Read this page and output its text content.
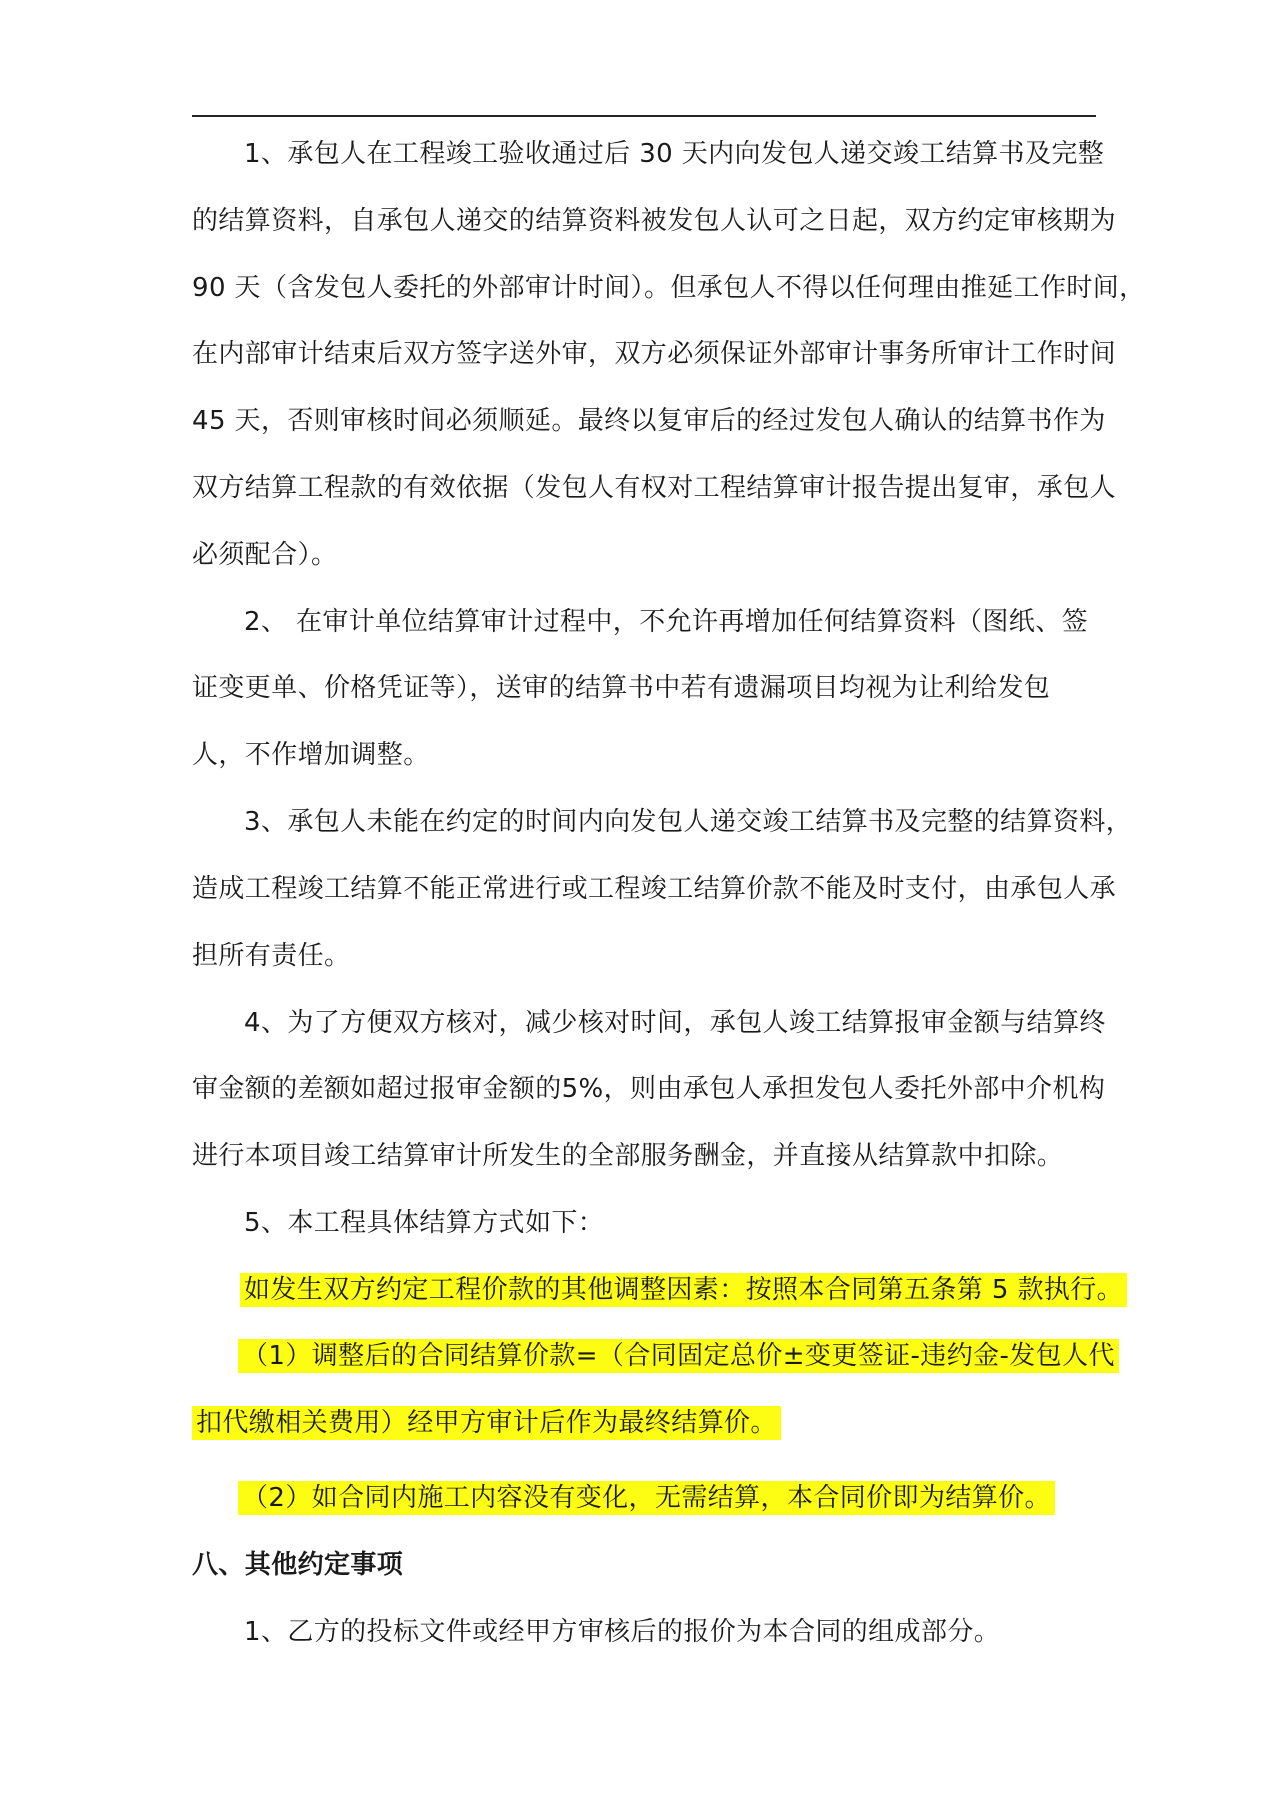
1、承包人在工程竣工验收通过后 30 天内向发包人递交竣工结算书及完整
的结算资料，自承包人递交的结算资料被发包人认可之日起，双方约定审核期为
90 天（含发包人委托的外部审计时间）。但承包人不得以任何理由推延工作时间，
在内部审计结束后双方签字送外审，双方必须保证外部审计事务所审计工作时间
45 天，否则审核时间必须顺延。最终以复审后的经过发包人确认的结算书作为
双方结算工程款的有效依据（发包人有权对工程结算审计报告提出复审，承包人
必须配合）。
2、 在审计单位结算审计过程中，不允许再增加任何结算资料（图纸、签
证变更单、价格凭证等），送审的结算书中若有遗漏项目均视为让利给发包
人，不作增加调整。
3、承包人未能在约定的时间内向发包人递交竣工结算书及完整的结算资料，
造成工程竣工结算不能正常进行或工程竣工结算价款不能及时支付，由承包人承
担所有责任。
4、为了方便双方核对，减少核对时间，承包人竣工结算报审金额与结算终
审金额的差额如超过报审金额的5%，则由承包人承担发包人委托外部中介机构
进行本项目竣工结算审计所发生的全部服务酬金，并直接从结算款中扣除。
5、本工程具体结算方式如下：
如发生双方约定工程价款的其他调整因素：按照本合同第五条第 5 款执行。
（1）调整后的合同结算价款=（合同固定总价±变更签证-违约金-发包人代
扣代缴相关费用）经甲方审计后作为最终结算价。
（2）如合同内施工内容没有变化，无需结算，本合同价即为结算价。
八、其他约定事项
1、乙方的投标文件或经甲方审核后的报价为本合同的组成部分。
